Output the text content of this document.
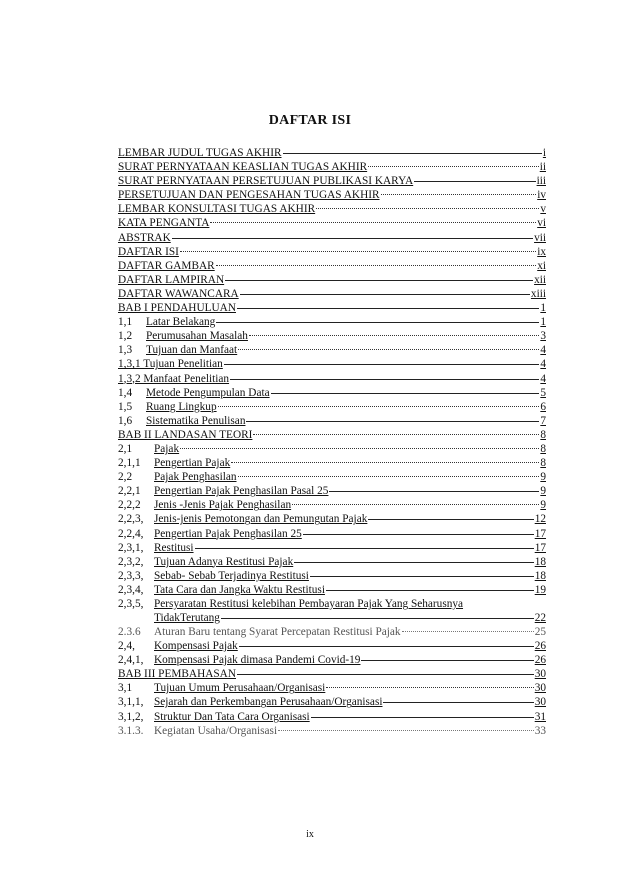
DAFTAR ISI
LEMBAR JUDUL TUGAS AKHIR	i
SURAT PERNYATAAN KEASLIAN TUGAS AKHIR	ii
SURAT PERNYATAAN PERSETUJUAN PUBLIKASI KARYA	iii
PERSETUJUAN DAN PENGESAHAN TUGAS AKHIR	iv
LEMBAR KONSULTASI TUGAS AKHIR	v
KATA PENGANTA	vi
ABSTRAK	vii
DAFTAR ISI	ix
DAFTAR GAMBAR	xi
DAFTAR LAMPIRAN	xii
DAFTAR WAWANCARA	xiii
BAB I PENDAHULUAN	1
1,1	Latar Belakang	1
1,2	Perumusahan Masalah	3
1,3	Tujuan dan Manfaat	4
1,3,1 Tujuan Penelitian	4
1,3,2 Manfaat Penelitian	4
1,4	Metode Pengumpulan Data	5
1,5	Ruang Lingkup	6
1,6	Sistematika Penulisan	7
BAB II LANDASAN TEORI	8
2,1	Pajak	8
2,1,1	Pengertian Pajak	8
2,2	Pajak Penghasilan	9
2,2,1	Pengertian Pajak Penghasilan Pasal 25	9
2,2,2	Jenis -Jenis Pajak Penghasilan	9
2,2,3, Jenis-jenis Pemotongan dan Pemungutan Pajak	12
2,2,4, Pengertian Pajak Penghasilan 25	17
2,3,1, Restitusi	17
2,3,2, Tujuan Adanya Restitusi Pajak	18
2,3,3, Sebab- Sebab Terjadinya Restitusi	18
2,3,4, Tata Cara dan Jangka Waktu Restitusi	19
2,3,5, Persyaratan Restitusi kelebihan Pembayaran Pajak Yang Seharusnya
TidakTerutang	22
2.3.6	Aturan Baru tentang Syarat Percepatan Restitusi Pajak	25
2,4,	Kompensasi Pajak	26
2,4,1, Kompensasi Pajak dimasa Pandemi Covid-19	26
BAB III PEMBAHASAN	30
3,1	Tujuan Umum Perusahaan/Organisasi	30
3,1,1, Sejarah dan Perkembangan Perusahaan/Organisasi	30
3,1,2, Struktur Dan Tata Cara Organisasi	31
3.1.3. Kegiatan Usaha/Organisasi	33
ix
